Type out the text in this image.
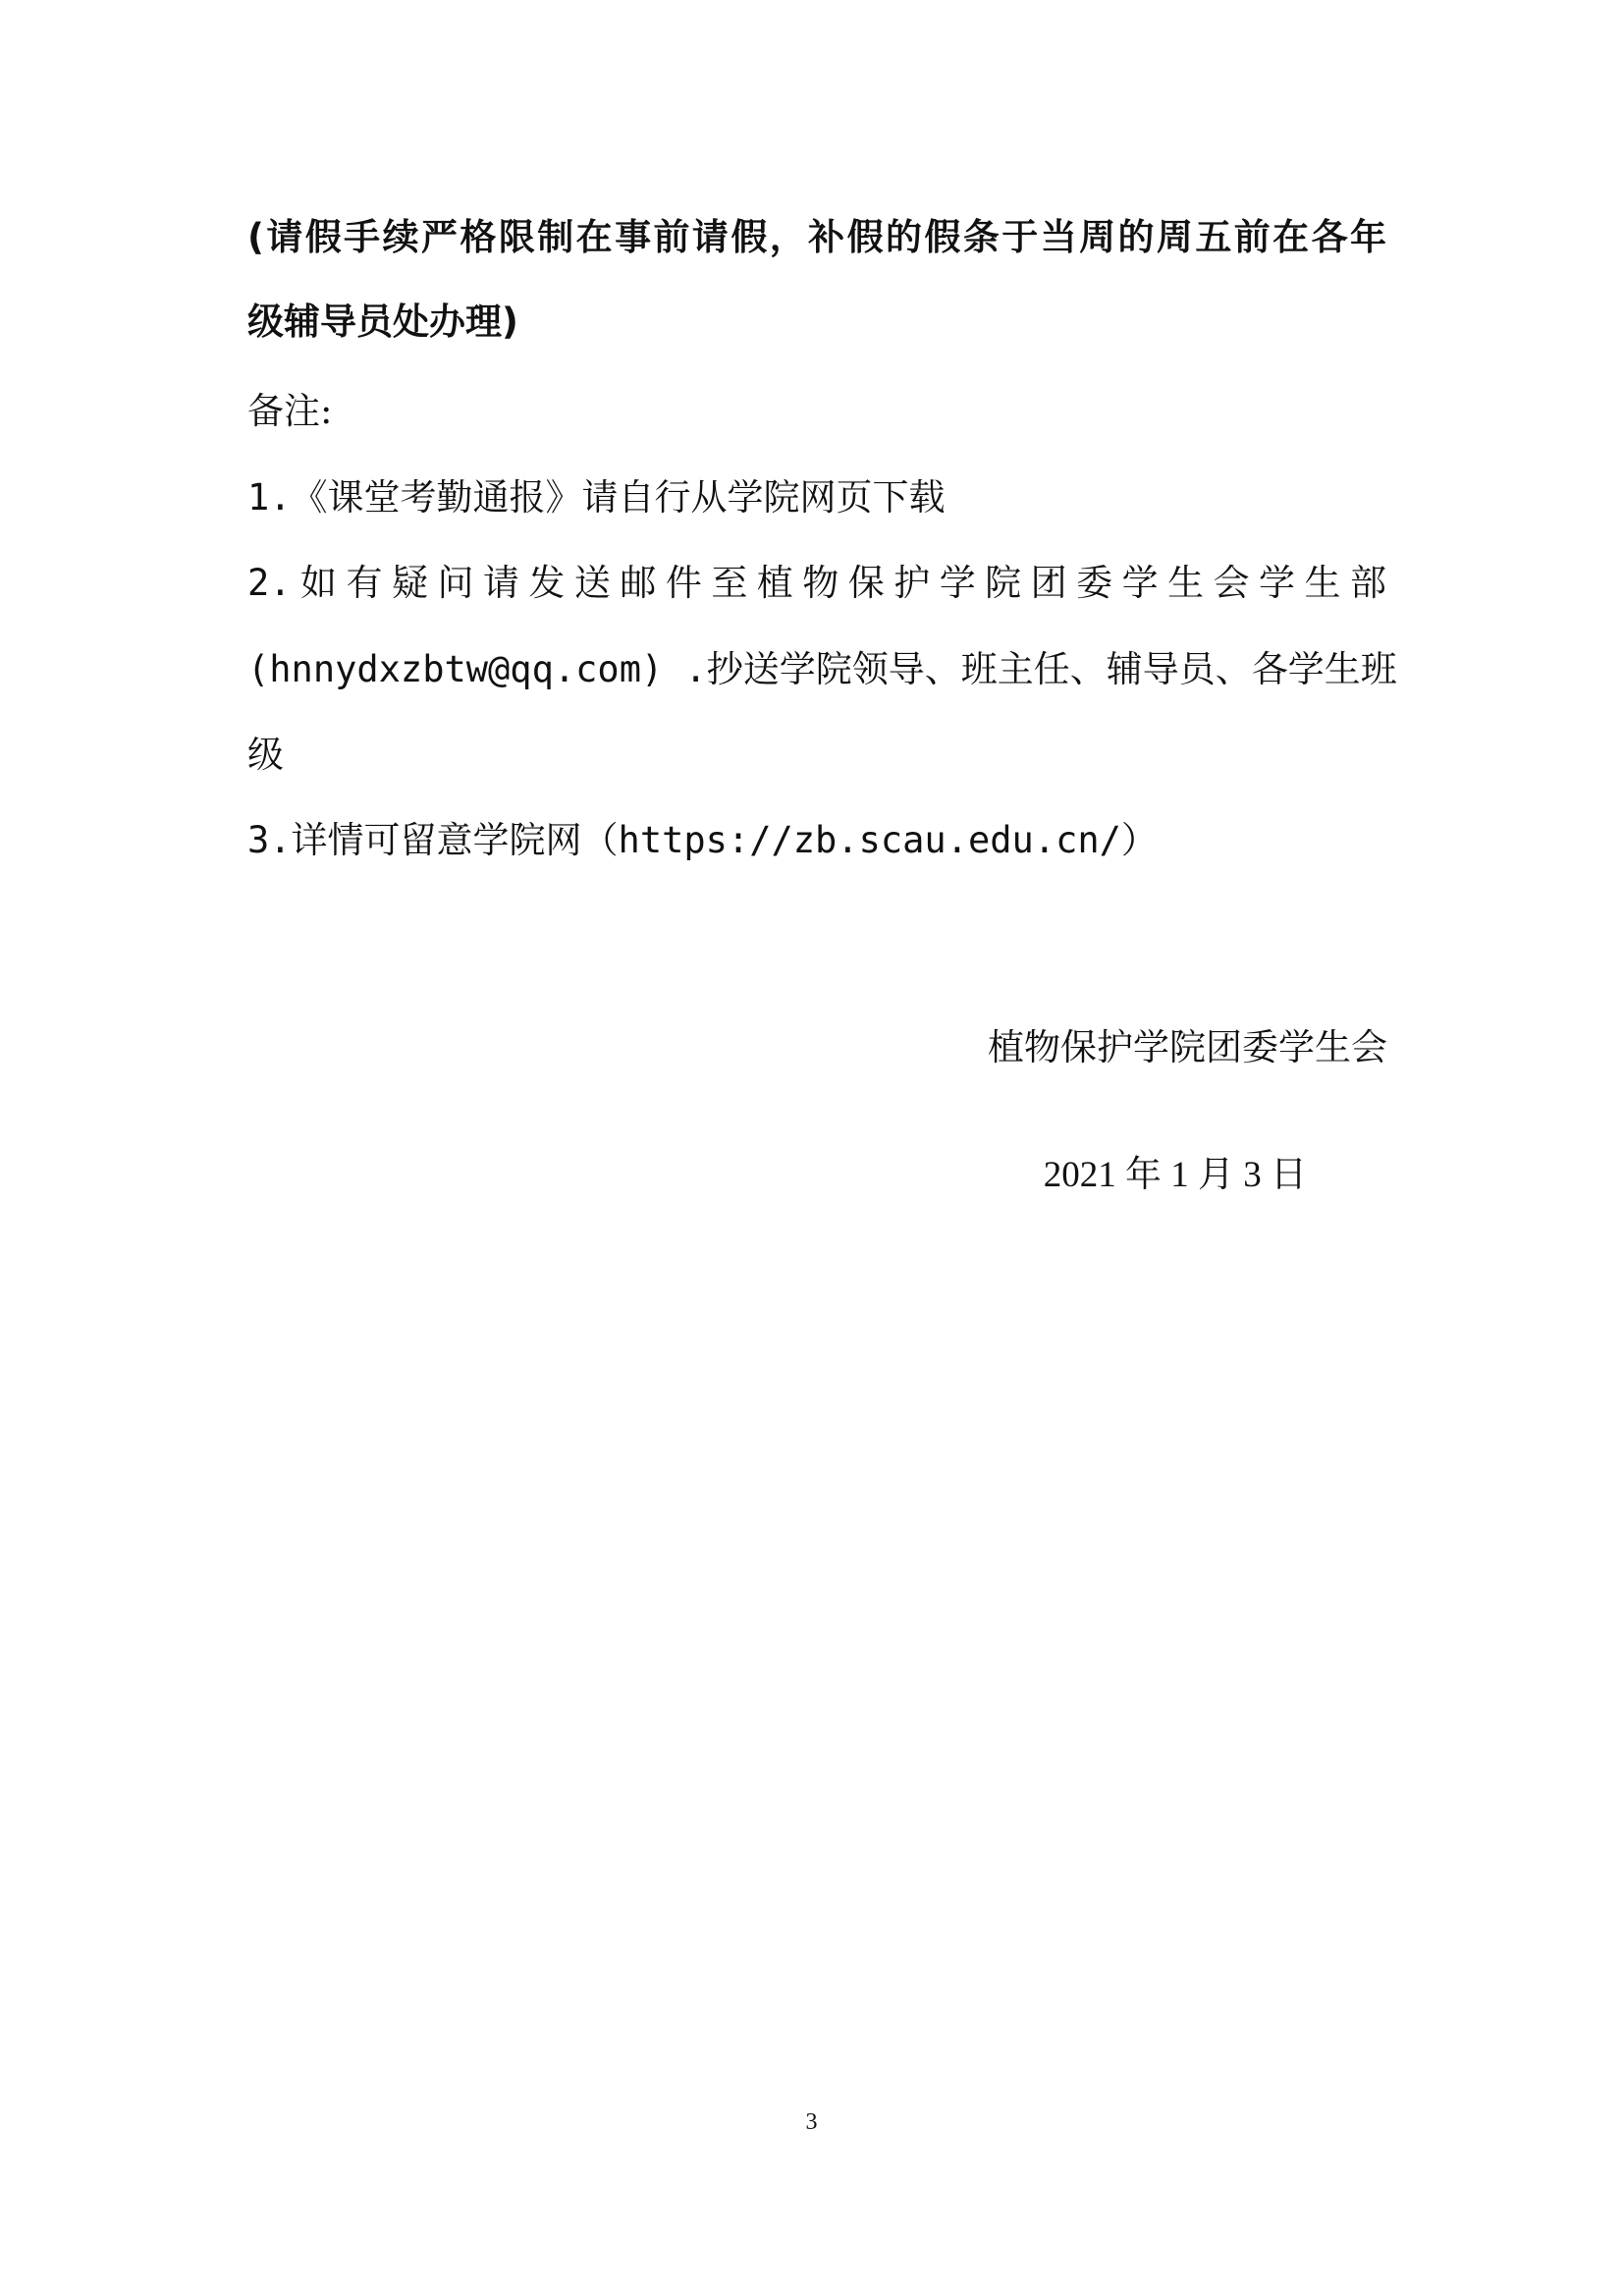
(请假手续严格限制在事前请假，补假的假条于当周的周五前在各年
级辅导员处办理)
备注:
1.《课堂考勤通报》请自行从学院网页下载
2.如有疑问请发送邮件至植物保护学院团委学生会学生部
(hnnydxzbtw@qq.com) .抄送学院领导、班主任、辅导员、各学生班
级
3.详情可留意学院网（https://zb.scau.edu.cn/）
植物保护学院团委学生会
2021 年 1 月 3 日
3
